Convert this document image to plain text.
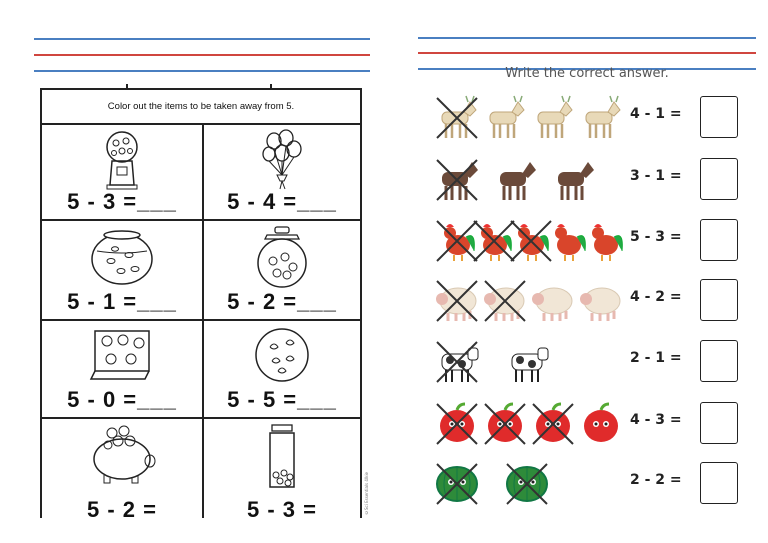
Color out the items to be taken away from 5.
5 - 3 =___	5 - 4 =___
5 - 1 =___	5 - 2 =___
5 - 0 =___	5 - 5 =___
5 - 2 =	5 - 3 =	©Sci Essentials 4Ikie
Write the correct answer.
4 - 1 =
3 - 1 =
5 - 3 =
4 - 2 =
2 - 1 =
4 - 3 =
2 - 2 =
